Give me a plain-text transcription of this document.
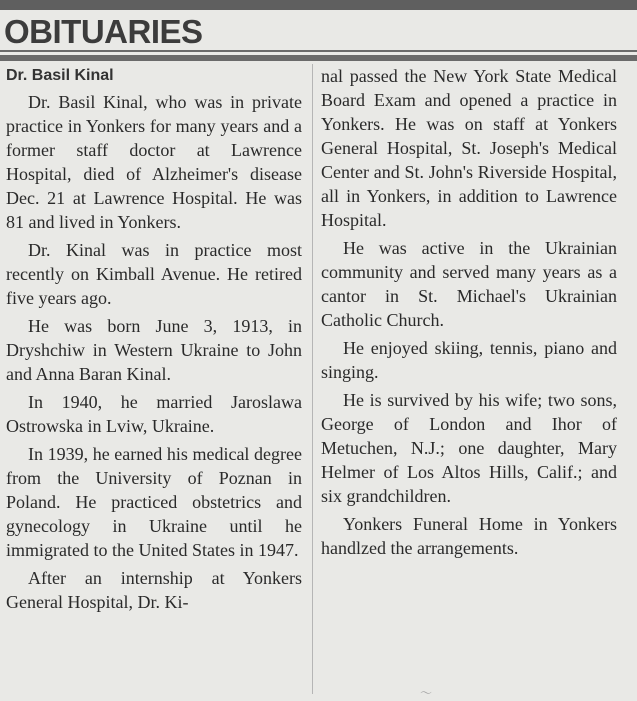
OBITUARIES
Dr. Basil Kinal

Dr. Basil Kinal, who was in private practice in Yonkers for many years and a former staff doctor at Lawrence Hospital, died of Alzheimer's disease Dec. 21 at Lawrence Hospital. He was 81 and lived in Yonkers.

Dr. Kinal was in practice most recently on Kimball Avenue. He retired five years ago.

He was born June 3, 1913, in Dryshchiw in Western Ukraine to John and Anna Baran Kinal.

In 1940, he married Jaroslawa Ostrowska in Lviw, Ukraine.

In 1939, he earned his medical degree from the University of Poznan in Poland. He practiced obstetrics and gynecology in Ukraine until he immigrated to the United States in 1947.

After an internship at Yonkers General Hospital, Dr. Ki-

nal passed the New York State Medical Board Exam and opened a practice in Yonkers. He was on staff at Yonkers General Hospital, St. Joseph's Medical Center and St. John's Riverside Hospital, all in Yonkers, in addition to Lawrence Hospital.

He was active in the Ukrainian community and served many years as a cantor in St. Michael's Ukrainian Catholic Church.

He enjoyed skiing, tennis, piano and singing.

He is survived by his wife; two sons, George of London and Ihor of Metuchen, N.J.; one daughter, Mary Helmer of Los Altos Hills, Calif.; and six grandchildren.

Yonkers Funeral Home in Yonkers handlzed the arrangements.

〜
